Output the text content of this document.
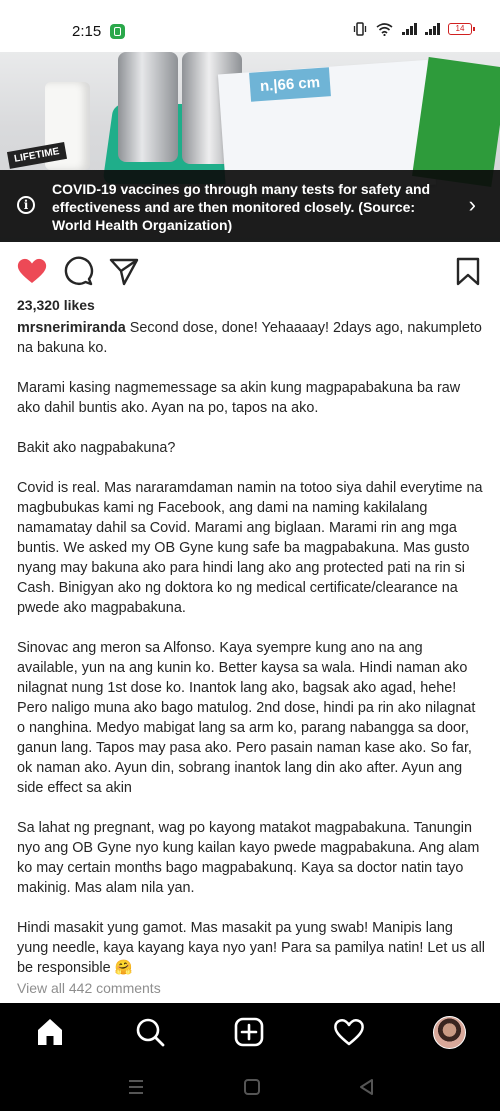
2:15	14
n.|66 cm
LIFETIME
i
COVID-19 vaccines go through many tests for safety and effectiveness and are then monitored closely. (Source: World Health Organization)
›
23,320 likes

mrsnerimiranda Second dose, done! Yehaaaay! 2days ago, nakumpleto na bakuna ko.

Marami kasing nagmemessage sa akin kung magpapabakuna ba raw ako dahil buntis ako. Ayan na po, tapos na ako.

Bakit ako nagpabakuna?

Covid is real. Mas nararamdaman namin na totoo siya dahil everytime na magbubukas kami ng Facebook, ang dami na naming kakilalang namamatay dahil sa Covid. Marami ang biglaan. Marami rin ang mga buntis. We asked my OB Gyne kung safe ba magpabakuna. Mas gusto nyang may bakuna ako para hindi lang ako ang protected pati na rin si Cash. Binigyan ako ng doktora ko ng medical certificate/clearance na pwede ako magpabakuna.

Sinovac ang meron sa Alfonso. Kaya syempre kung ano na ang available, yun na ang kunin ko. Better kaysa sa wala. Hindi naman ako nilagnat nung 1st dose ko. Inantok lang ako, bagsak ako agad, hehe! Pero naligo muna ako bago matulog. 2nd dose, hindi pa rin ako nilagnat o nanghina. Medyo mabigat lang sa arm ko, parang nabangga sa door, ganun lang. Tapos may pasa ako. Pero pasain naman kase ako. So far, ok naman ako. Ayun din, sobrang inantok lang din ako after. Ayun ang side effect sa akin

Sa lahat ng pregnant, wag po kayong matakot magpabakuna. Tanungin nyo ang OB Gyne nyo kung kailan kayo pwede magpabakuna. Ang alam ko may certain months bago magpabakunq. Kaya sa doctor natin tayo makinig. Mas alam nila yan.

Hindi masakit yung gamot. Mas masakit pa yung swab! Manipis lang yung needle, kaya kayang kaya nyo yan! Para sa pamilya natin! Let us all be responsible 🤗

View all 442 comments
